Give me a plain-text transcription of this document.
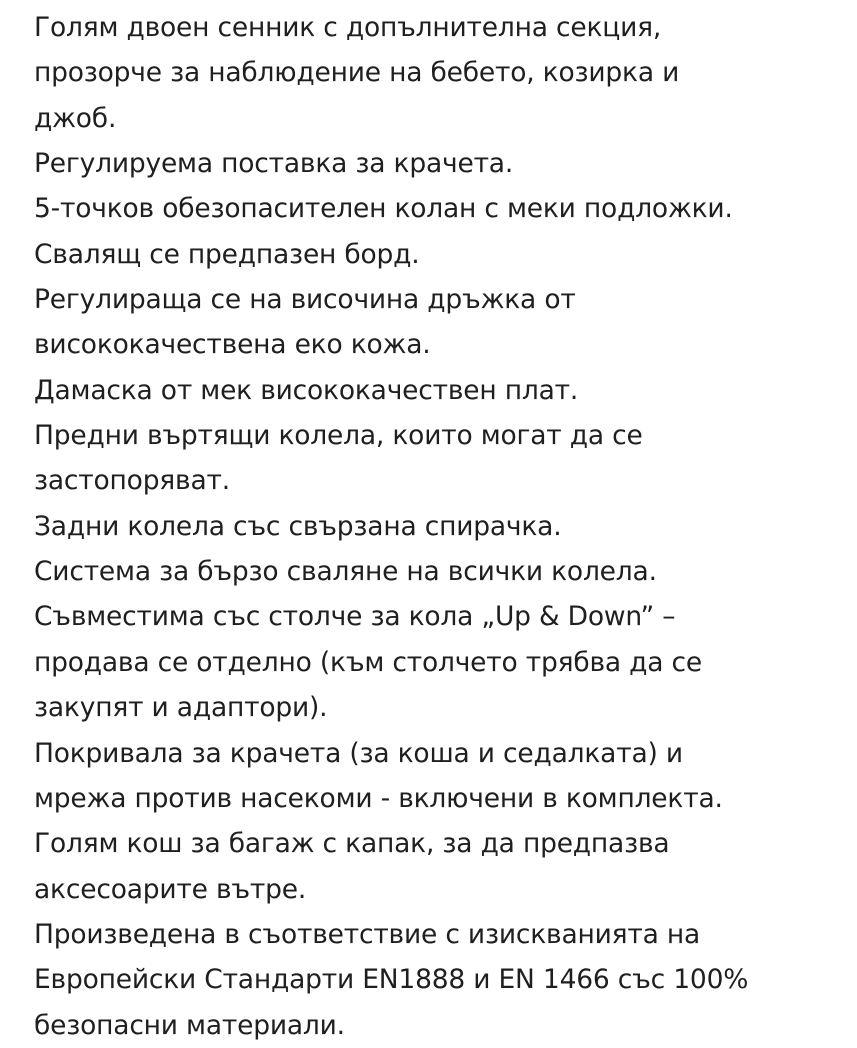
Голям двоен сенник с допълнителна секция,
прозорче за наблюдение на бебето, козирка и
джоб.
Регулируема поставка за крачета.
5-точков обезопасителен колан с меки подложки.
Свалящ се предпазен борд.
Регулираща се на височина дръжка от
висококачествена еко кожа.
Дамаска от мек висококачествен плат.
Предни въртящи колела, които могат да се
застопоряват.
Задни колела със свързана спирачка.
Система за бързо сваляне на всички колела.
Съвместима със столче за кола „Up & Down” –
продава се отделно (към столчето трябва да се
закупят и адаптори).
Покривала за крачета (за коша и седалката) и
мрежа против насекоми - включени в комплекта.
Голям кош за багаж с капак, за да предпазва
аксесоарите вътре.
Произведена в съответствие с изискванията на
Европейски Стандарти EN1888 и EN 1466 със 100%
безопасни материали.
